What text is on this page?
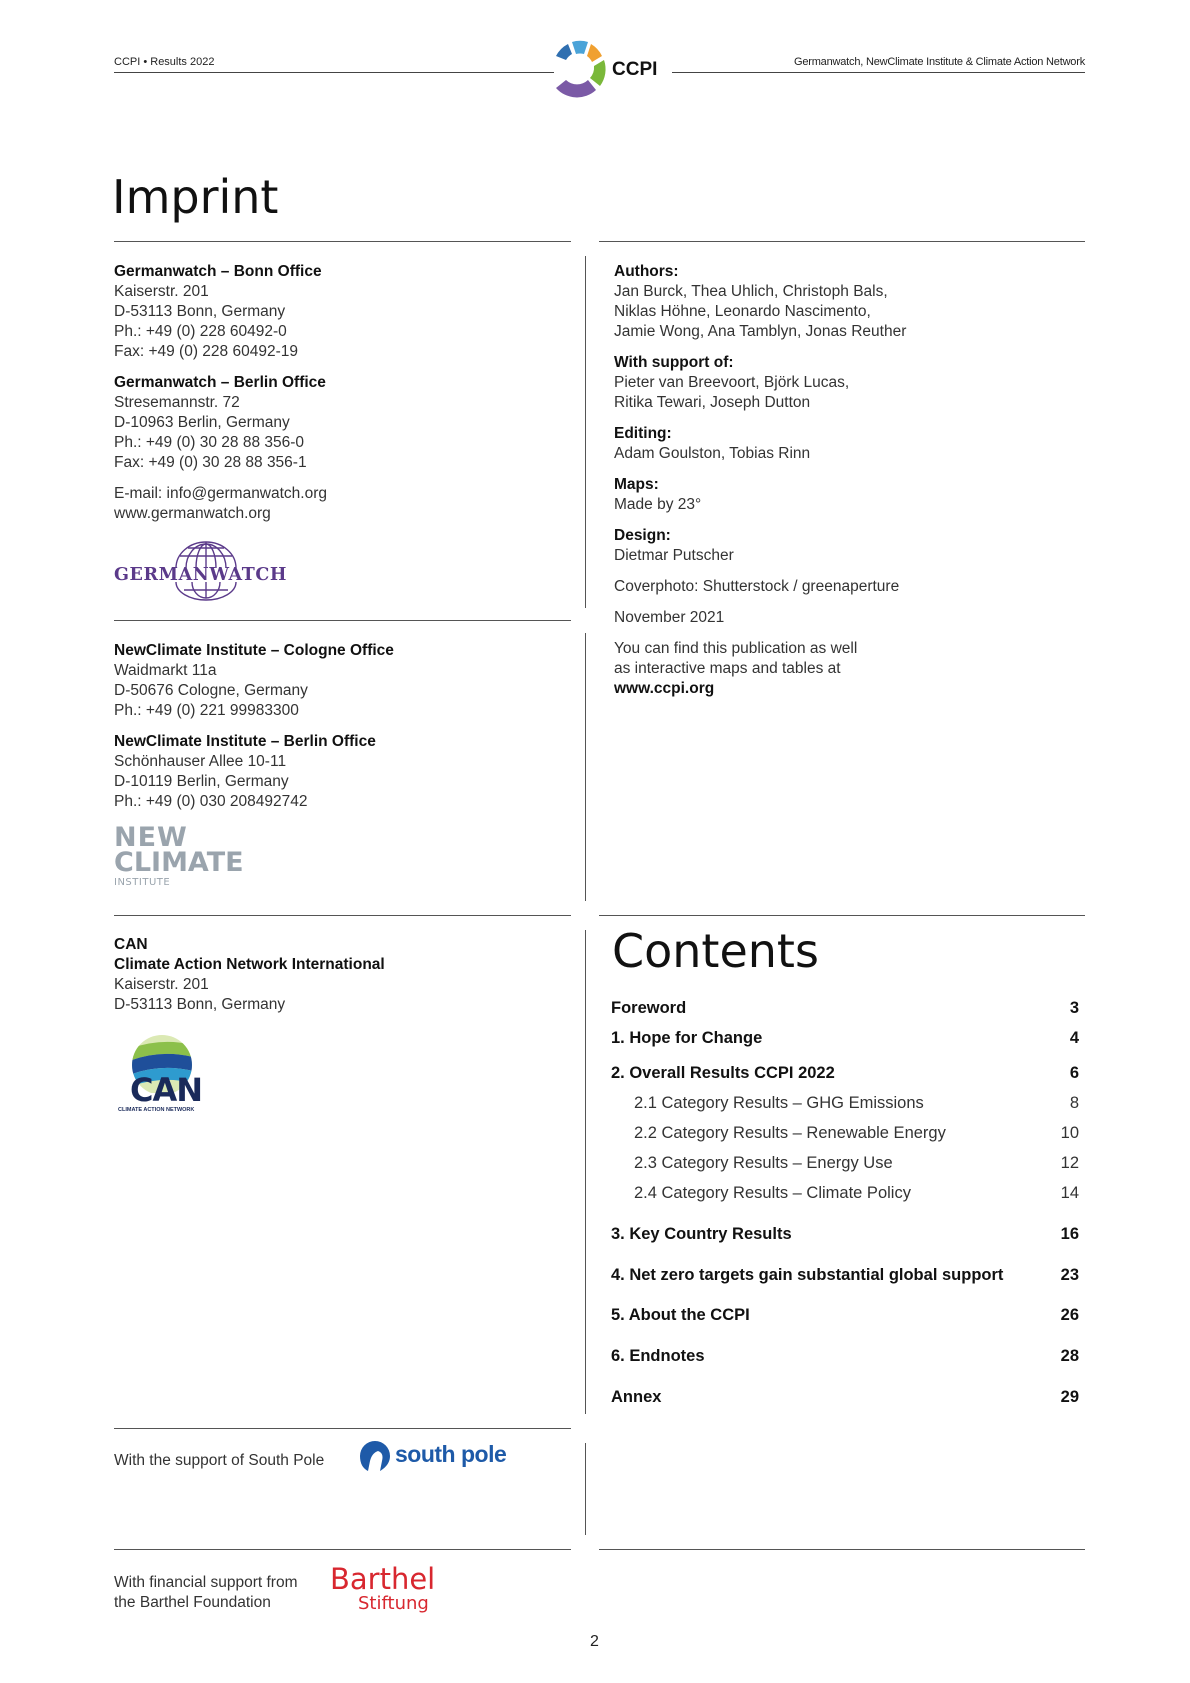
CCPI • Results 2022	CCPI	Germanwatch, NewClimate Institute & Climate Action Network
Imprint
Germanwatch – Bonn Office
Kaiserstr. 201
D-53113 Bonn, Germany
Ph.: +49 (0) 228 60492-0
Fax: +49 (0) 228 60492-19
Germanwatch – Berlin Office
Stresemannstr. 72
D-10963 Berlin, Germany
Ph.: +49 (0) 30 28 88 356-0
Fax: +49 (0) 30 28 88 356-1
E-mail: info@germanwatch.org
www.germanwatch.org
GERMANWATCH
NewClimate Institute – Cologne Office
Waidmarkt 11a
D-50676 Cologne, Germany
Ph.: +49 (0) 221 99983300
NewClimate Institute – Berlin Office
Schönhauser Allee 10-11
D-10119 Berlin, Germany
Ph.: +49 (0) 030 208492742
NEW
CLIMATE
INSTITUTE
CAN
Climate Action Network International
Kaiserstr. 201
D-53113 Bonn, Germany
CAN
CLIMATE ACTION NETWORK
With the support of South Pole	south pole
With financial support from
the Barthel Foundation
Barthel
Stiftung
Authors:
Jan Burck, Thea Uhlich, Christoph Bals,
Niklas Höhne, Leonardo Nascimento,
Jamie Wong, Ana Tamblyn, Jonas Reuther
With support of:
Pieter van Breevoort, Björk Lucas,
Ritika Tewari, Joseph Dutton
Editing:
Adam Goulston, Tobias Rinn
Maps:
Made by 23°
Design:
Dietmar Putscher
Coverphoto: Shutterstock / greenaperture
November 2021
You can find this publication as well
as interactive maps and tables at
www.ccpi.org
Contents
Foreword	3
1. Hope for Change	4
2. Overall Results CCPI 2022	6
2.1 Category Results – GHG Emissions	8
2.2 Category Results – Renewable Energy	10
2.3 Category Results – Energy Use	12
2.4 Category Results – Climate Policy	14
3. Key Country Results	16
4. Net zero targets gain substantial global support	23
5. About the CCPI	26
6. Endnotes	28
Annex	29
2
